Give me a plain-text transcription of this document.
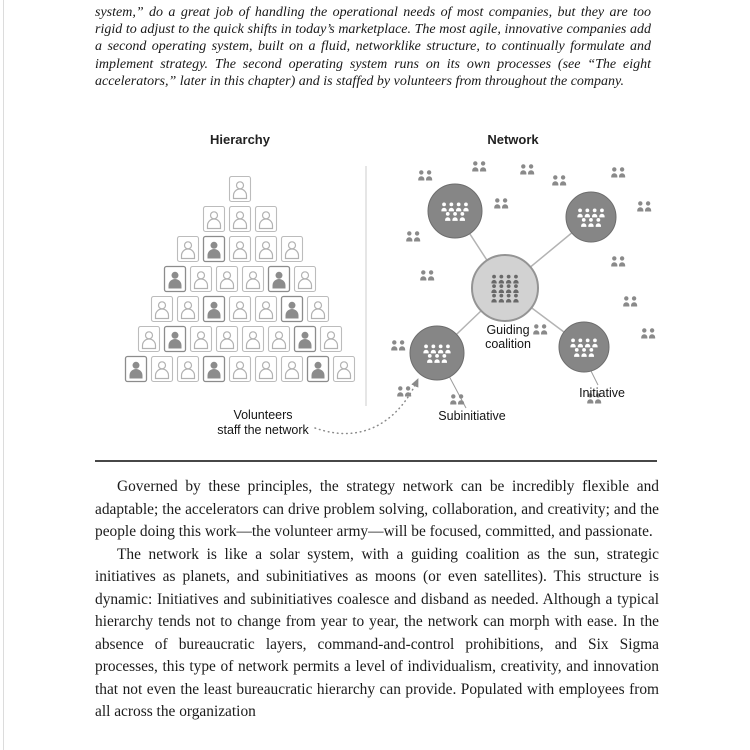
system,” do a great job of handling the operational needs of most companies, but they are too rigid to adjust to the quick shifts in today’s marketplace. The most agile, innovative companies add a second operating system, built on a fluid, networklike structure, to continually formulate and implement strategy. The second operating system runs on its own processes (see “The eight accelerators,” later in this chapter) and is staffed by volunteers from throughout the company.

Hierarchy	Network
Guiding
coalition
Subinitiative
Initiative
Volunteers
staff the network

Governed by these principles, the strategy network can be incredibly flexible and adaptable; the accelerators can drive problem solving, collaboration, and creativity; and the people doing this work—the volunteer army—will be focused, committed, and passionate.

The network is like a solar system, with a guiding coalition as the sun, strategic initiatives as planets, and subinitiatives as moons (or even satellites). This structure is dynamic: Initiatives and subinitiatives coalesce and disband as needed. Although a typical hierarchy tends not to change from year to year, the network can morph with ease. In the absence of bureaucratic layers, command-and-control prohibitions, and Six Sigma processes, this type of network permits a level of individualism, creativity, and innovation that not even the least bureaucratic hierarchy can provide. Populated with employees from all across the organization
